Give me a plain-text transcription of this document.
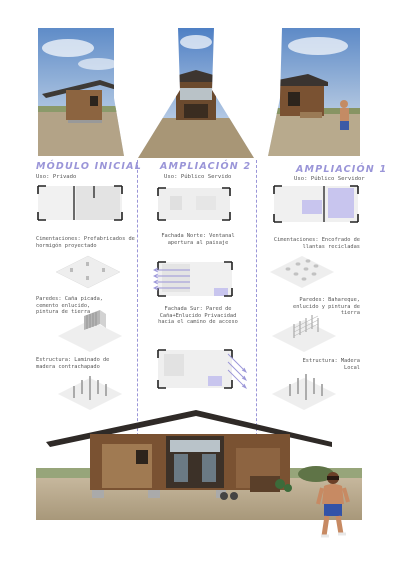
MÓDULO INICIAL
Uso: Privado
AMPLIACIÓN 2
Uso: Público Servido
AMPLIACIÓN 1
Uso: Público Servidor
Cimentaciones: Prefabricados de hormigón proyectado
Fachada Norte: Ventanal apertura al paisaje	Cimentaciones: Encofrado de llantas recicladas
Paredes: Caña picada, cemento enlucido, pintura de tierra
Fachada Sur: Pared de Caña+Enlucido Privacidad hacia el camino de acceso
Paredes: Bahareque, enlucido y pintura de tierra
Estructura: Laminado de madera contrachapado
Estructura: Madera Local
